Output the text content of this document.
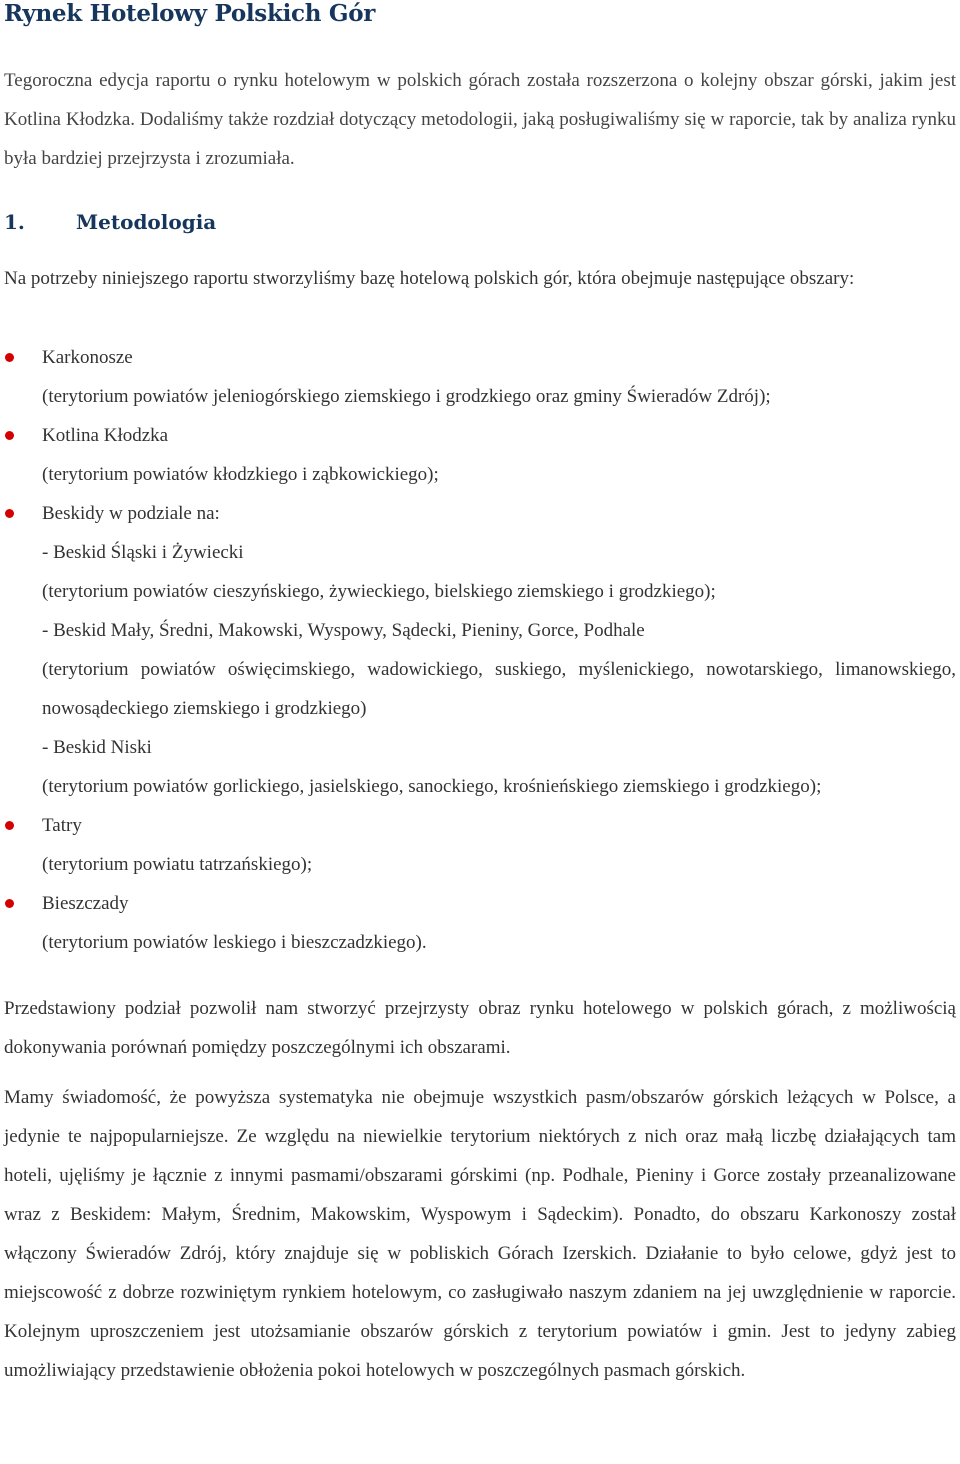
Rynek Hotelowy Polskich Gór

Tegoroczna edycja raportu o rynku hotelowym w polskich górach została rozszerzona o kolejny obszar górski, jakim jest Kotlina Kłodzka. Dodaliśmy także rozdział dotyczący metodologii, jaką posługiwaliśmy się w raporcie, tak by analiza rynku była bardziej przejrzysta i zrozumiała.

1.	Metodologia

Na potrzeby niniejszego raportu stworzyliśmy bazę hotelową polskich gór, która obejmuje następujące obszary:

Karkonosze
(terytorium powiatów jeleniogórskiego ziemskiego i grodzkiego oraz gminy Świeradów Zdrój);
Kotlina Kłodzka
(terytorium powiatów kłodzkiego i ząbkowickiego);
Beskidy w podziale na:
- Beskid Śląski i Żywiecki
(terytorium powiatów cieszyńskiego, żywieckiego, bielskiego ziemskiego i grodzkiego);
- Beskid Mały, Średni, Makowski, Wyspowy, Sądecki, Pieniny, Gorce, Podhale
(terytorium powiatów oświęcimskiego, wadowickiego, suskiego, myślenickiego, nowotarskiego, limanowskiego, nowosądeckiego ziemskiego i grodzkiego)
- Beskid Niski
(terytorium powiatów gorlickiego, jasielskiego, sanockiego, krośnieńskiego ziemskiego i grodzkiego);
Tatry
(terytorium powiatu tatrzańskiego);
Bieszczady
(terytorium powiatów leskiego i bieszczadzkiego).

Przedstawiony podział pozwolił nam stworzyć przejrzysty obraz rynku hotelowego w polskich górach, z możliwością dokonywania porównań pomiędzy poszczególnymi ich obszarami.

Mamy świadomość, że powyższa systematyka nie obejmuje wszystkich pasm/obszarów górskich leżących w Polsce, a jedynie te najpopularniejsze. Ze względu na niewielkie terytorium niektórych z nich oraz małą liczbę działających tam hoteli, ujęliśmy je łącznie z innymi pasmami/obszarami górskimi (np. Podhale, Pieniny i Gorce zostały przeanalizowane wraz z Beskidem: Małym, Średnim, Makowskim, Wyspowym i Sądeckim). Ponadto, do obszaru Karkonoszy został włączony Świeradów Zdrój, który znajduje się w pobliskich Górach Izerskich. Działanie to było celowe, gdyż jest to miejscowość z dobrze rozwiniętym rynkiem hotelowym, co zasługiwało naszym zdaniem na jej uwzględnienie w raporcie. Kolejnym uproszczeniem jest utożsamianie obszarów górskich z terytorium powiatów i gmin. Jest to jedyny zabieg umożliwiający przedstawienie obłożenia pokoi hotelowych w poszczególnych pasmach górskich.
